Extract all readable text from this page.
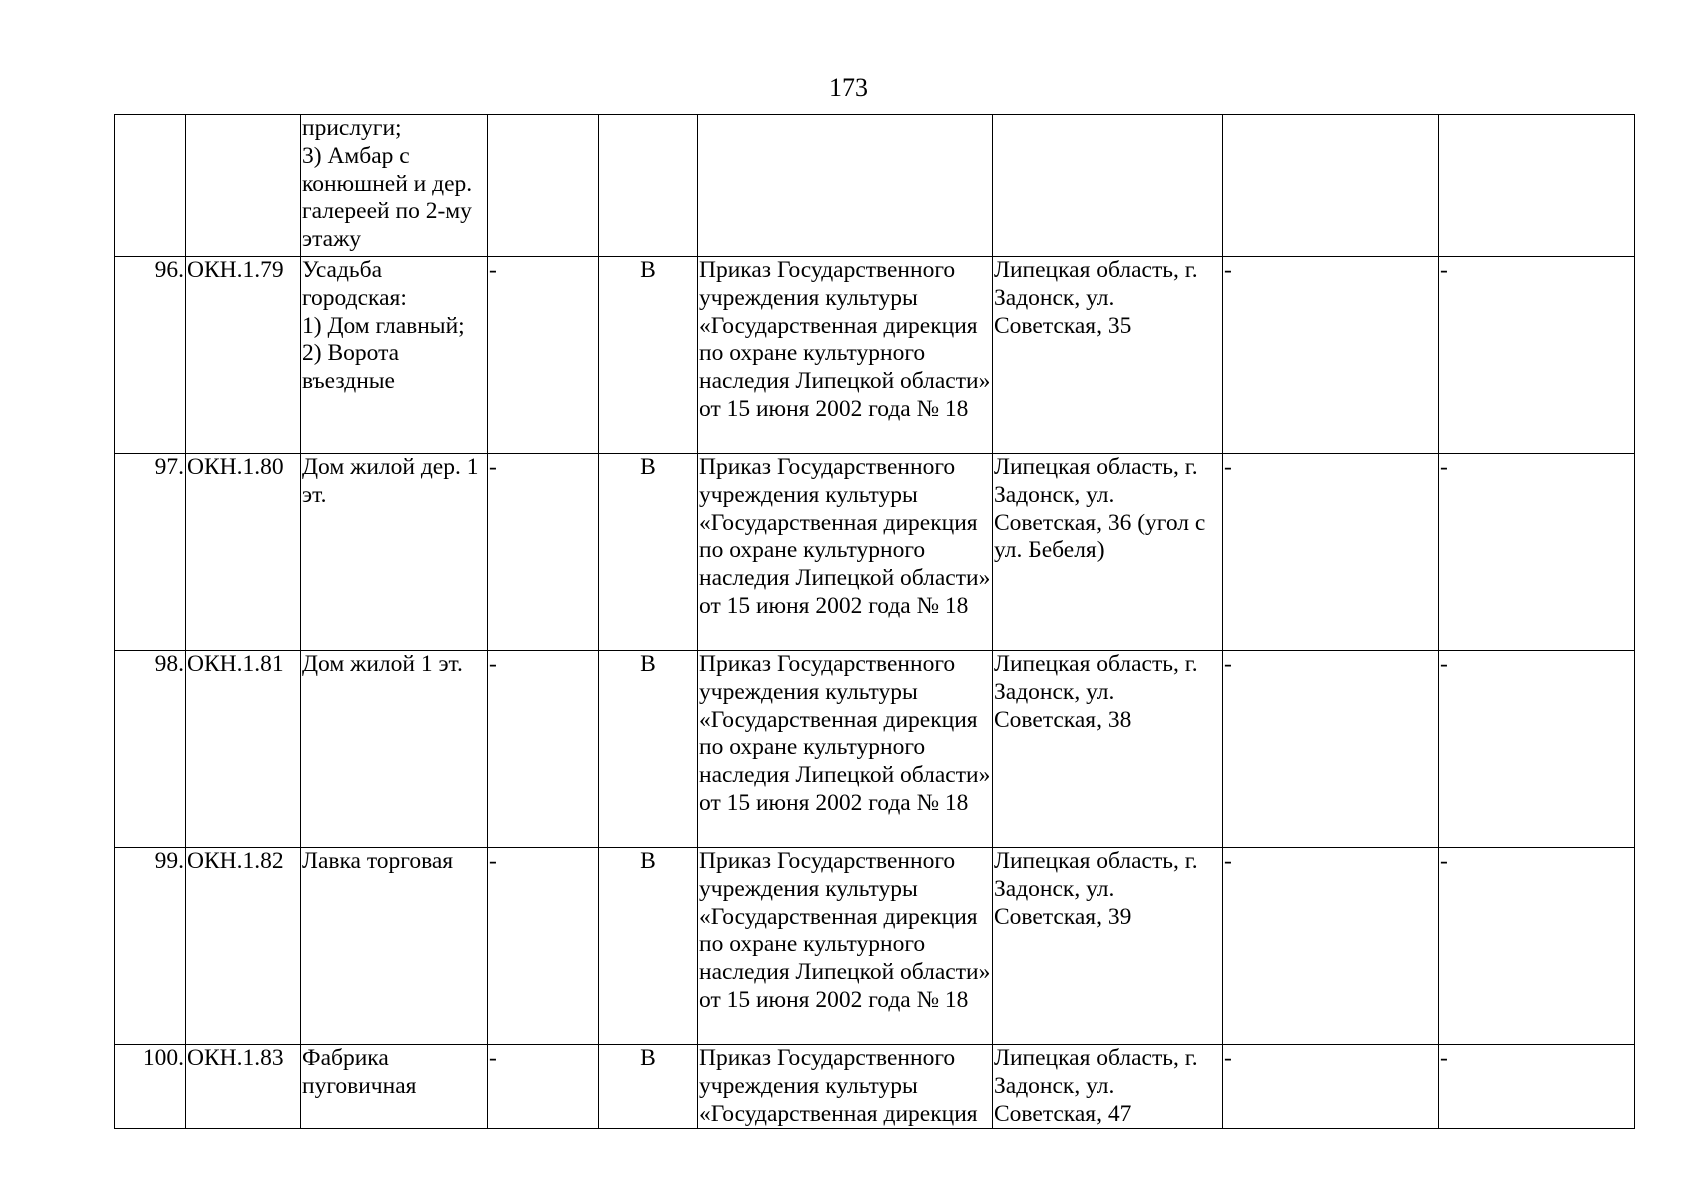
173
		прислуги;
3) Амбар с конюшней и дер. галереей по 2-му этажу						
96.	ОКН.1.79	Усадьба городская:
1) Дом главный;
2) Ворота въездные	-	В	Приказ Государственного учреждения культуры «Государственная дирекция по охране культурного наследия Липецкой области» от 15 июня 2002 года № 18	Липецкая область, г. Задонск, ул. Советская, 35	-	-
97.	ОКН.1.80	Дом жилой дер. 1 эт.	-	В	Приказ Государственного учреждения культуры «Государственная дирекция по охране культурного наследия Липецкой области» от 15 июня 2002 года № 18	Липецкая область, г. Задонск, ул. Советская, 36 (угол с ул. Бебеля)	-	-
98.	ОКН.1.81	Дом жилой 1 эт.	-	В	Приказ Государственного учреждения культуры «Государственная дирекция по охране культурного наследия Липецкой области» от 15 июня 2002 года № 18	Липецкая область, г. Задонск, ул. Советская, 38	-	-
99.	ОКН.1.82	Лавка торговая	-	В	Приказ Государственного учреждения культуры «Государственная дирекция по охране культурного наследия Липецкой области» от 15 июня 2002 года № 18	Липецкая область, г. Задонск, ул. Советская, 39	-	-
100.	ОКН.1.83	Фабрика пуговичная	-	В	Приказ Государственного учреждения культуры «Государственная дирекция	Липецкая область, г. Задонск, ул. Советская, 47	-	-
